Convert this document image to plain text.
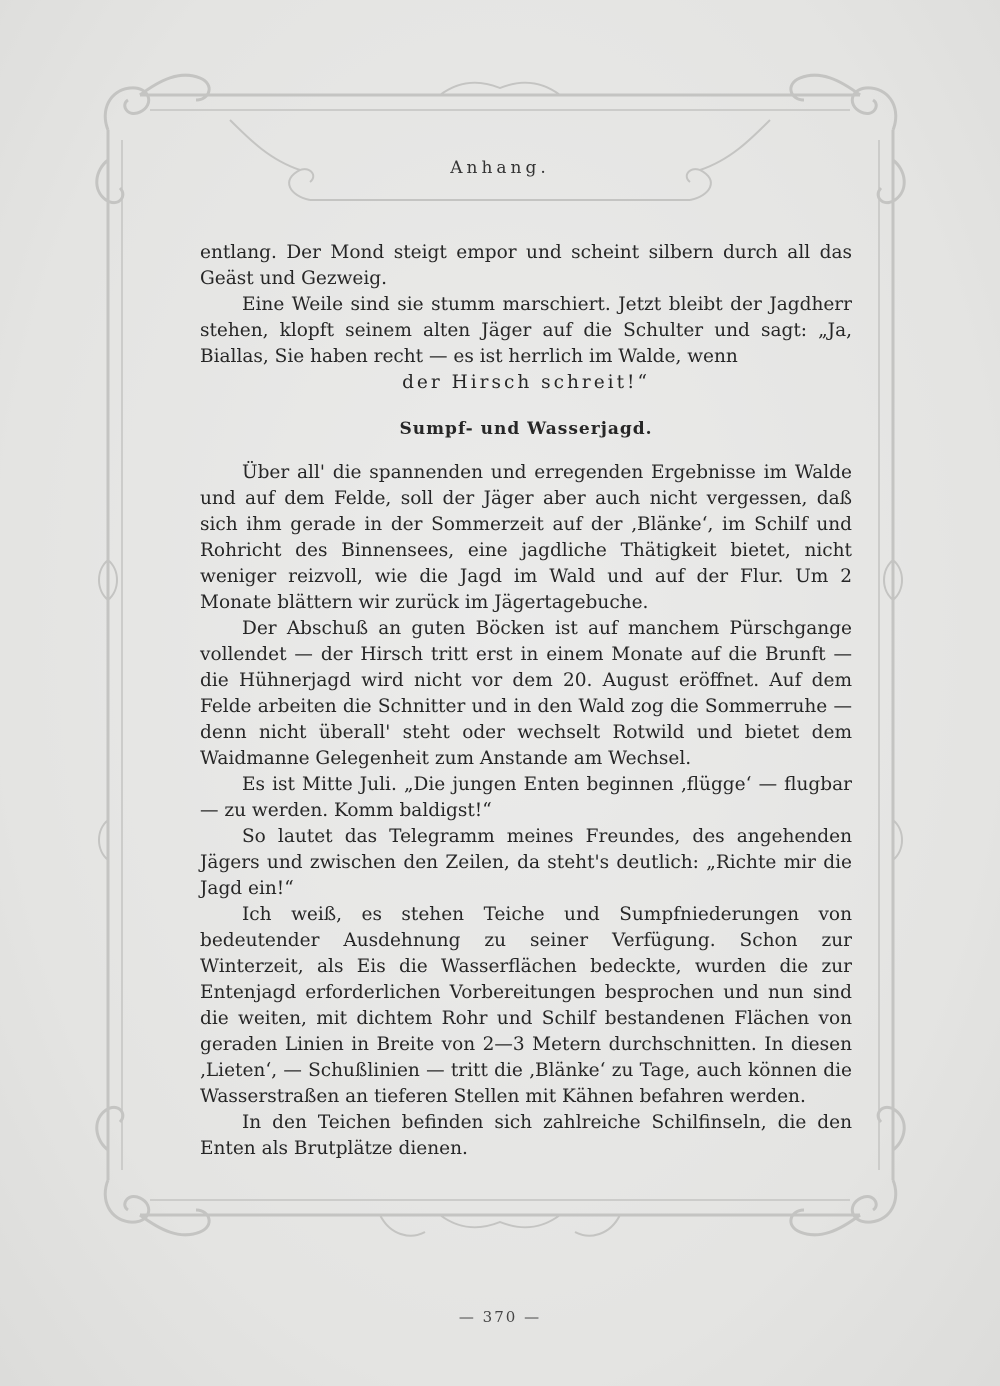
Anhang.

entlang. Der Mond steigt empor und scheint silbern durch all das Geäst und Gezweig.

Eine Weile sind sie stumm marschiert. Jetzt bleibt der Jagdherr stehen, klopft seinem alten Jäger auf die Schulter und sagt: „Ja, Biallas, Sie haben recht — es ist herrlich im Walde, wenn

der Hirsch schreit!“

Sumpf- und Wasserjagd.

Über all' die spannenden und erregenden Ergebnisse im Walde und auf dem Felde, soll der Jäger aber auch nicht vergessen, daß sich ihm gerade in der Sommerzeit auf der ‚Blänke‘, im Schilf und Rohricht des Binnensees, eine jagdliche Thätigkeit bietet, nicht weniger reizvoll, wie die Jagd im Wald und auf der Flur. Um 2 Monate blättern wir zurück im Jägertagebuche.

Der Abschuß an guten Böcken ist auf manchem Pürschgange vollendet — der Hirsch tritt erst in einem Monate auf die Brunft — die Hühnerjagd wird nicht vor dem 20. August eröffnet. Auf dem Felde arbeiten die Schnitter und in den Wald zog die Sommerruhe — denn nicht überall' steht oder wechselt Rotwild und bietet dem Waidmanne Gelegenheit zum Anstande am Wechsel.

Es ist Mitte Juli. „Die jungen Enten beginnen ‚flügge‘ — flugbar — zu werden. Komm baldigst!“

So lautet das Telegramm meines Freundes, des angehenden Jägers und zwischen den Zeilen, da steht's deutlich: „Richte mir die Jagd ein!“

Ich weiß, es stehen Teiche und Sumpfniederungen von bedeutender Ausdehnung zu seiner Verfügung. Schon zur Winterzeit, als Eis die Wasserflächen bedeckte, wurden die zur Entenjagd erforderlichen Vorbereitungen besprochen und nun sind die weiten, mit dichtem Rohr und Schilf bestandenen Flächen von geraden Linien in Breite von 2—3 Metern durchschnitten. In diesen ‚Lieten‘, — Schußlinien — tritt die ‚Blänke‘ zu Tage, auch können die Wasserstraßen an tieferen Stellen mit Kähnen befahren werden.

In den Teichen befinden sich zahlreiche Schilfinseln, die den Enten als Brutplätze dienen.

— 370 —
